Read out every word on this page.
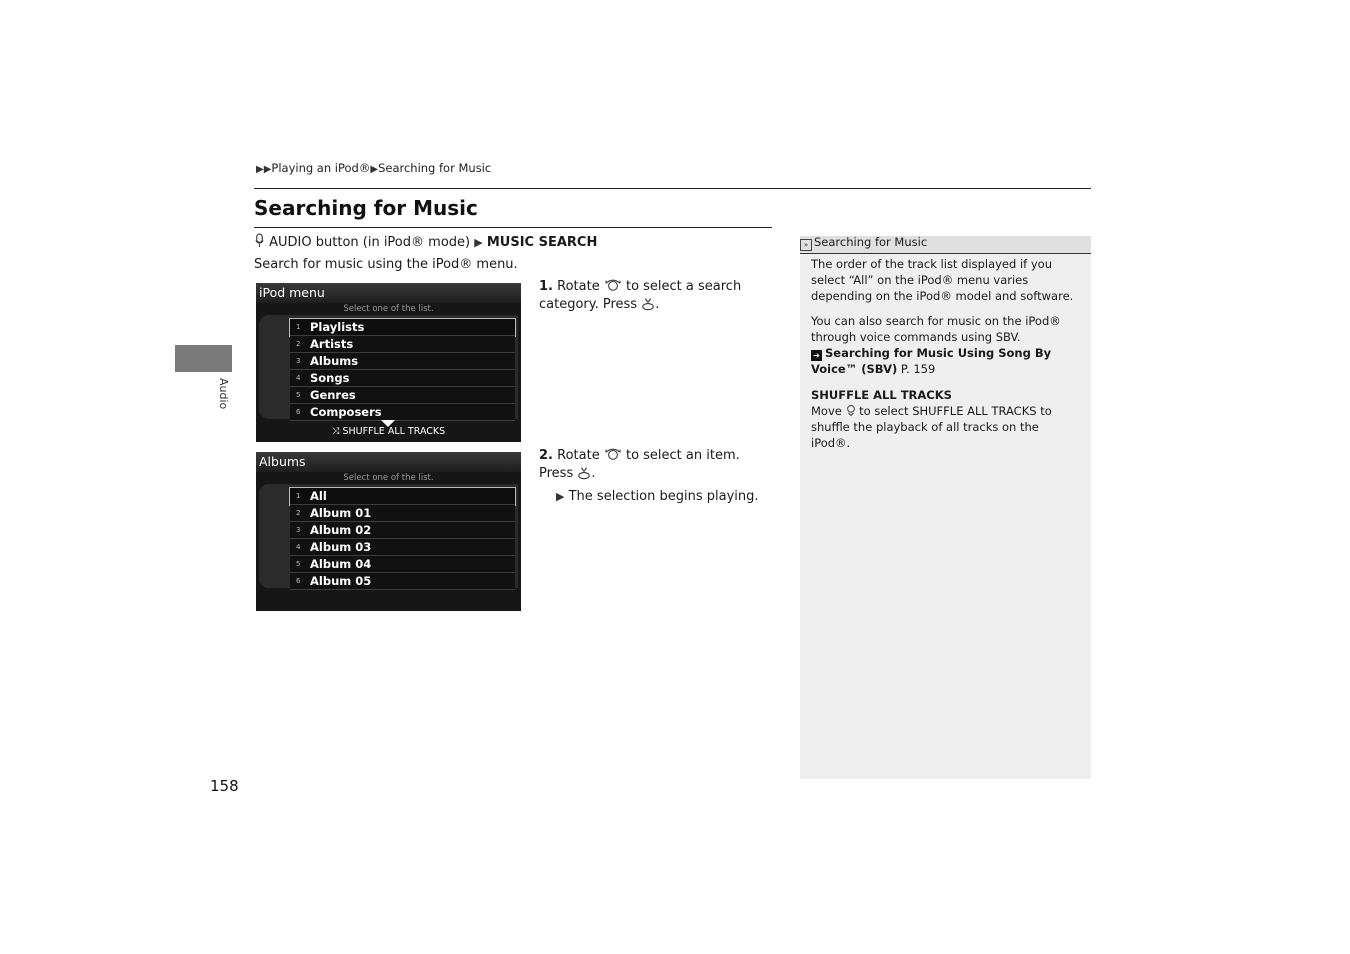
▶▶Playing an iPod®▶Searching for Music
Searching for Music
Audio
AUDIO button (in iPod® mode) ▶ MUSIC SEARCH
Search for music using the iPod® menu.
iPod menu
Select one of the list.
1 Playlists
2 Artists
3 Albums
4 Songs
5 Genres
6 Composers
⤨ SHUFFLE ALL TRACKS
Albums
Select one of the list.
1 All
2 Album 01
3 Album 02
4 Album 03
5 Album 04
6 Album 05
1. Rotate to select a search category. Press .
2. Rotate to select an item. Press .
▶ The selection begins playing.
» Searching for Music
The order of the track list displayed if you select “All” on the iPod® menu varies depending on the iPod® model and software.
You can also search for music on the iPod® through voice commands using SBV.
➔ Searching for Music Using Song By Voice™ (SBV) P. 159
SHUFFLE ALL TRACKS
Move to select SHUFFLE ALL TRACKS to shuffle the playback of all tracks on the iPod®.
158
